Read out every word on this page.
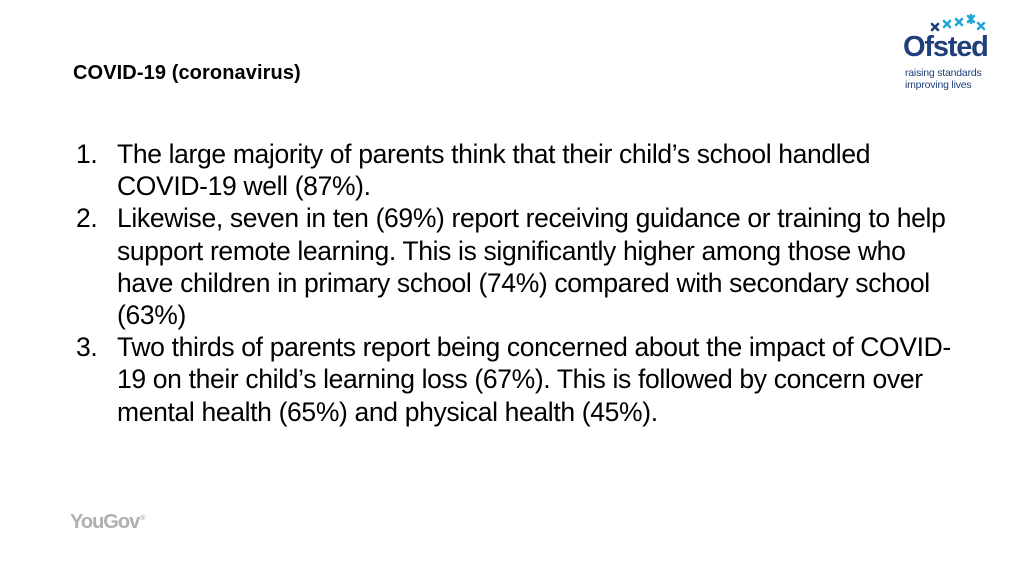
COVID-19 (coronavirus)
1. The large majority of parents think that their child’s school handled COVID-19 well (87%).
2. Likewise, seven in ten (69%) report receiving guidance or training to help support remote learning. This is significantly higher among those who have children in primary school (74%) compared with secondary school (63%)
3. Two thirds of parents report being concerned about the impact of COVID-19 on their child’s learning loss (67%). This is followed by concern over mental health (65%) and physical health (45%).
Ofsted
raising standards
improving lives
YouGov®
